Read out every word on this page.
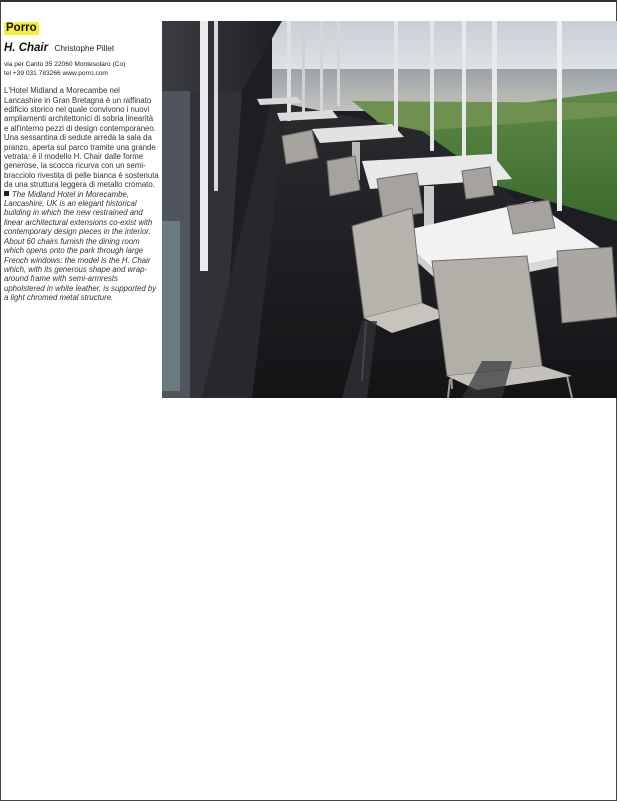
Porro
H. Chair Christophe Pillet
via per Cantù 35 22060 Montesolaro (Co)
tel +39 031 783266 www.porro.com
L'Hotel Midland a Morecambe nel Lancashire in Gran Bretagna è un raffinato edificio storico nel quale convivono i nuovi ampliamenti architettonici di sobria linearità e all'interno pezzi di design contemporaneo. Una sessantina di sedute arreda la sala da pranzo, aperta sul parco tramite una grande vetrata: è il modello H. Chair dalle forme generose, la scocca ricurva con un semi-bracciolo rivestita di pelle bianca è sostenuta da una struttura leggera di metallo cromato.
The Midland Hotel in Morecambe, Lancashire, UK is an elegant historical building in which the new restrained and linear architectural extensions co-exist with contemporary design pieces in the interior. About 60 chairs furnish the dining room which opens onto the park through large French windows: the model is the H. Chair which, with its generous shape and wrap-around frame with semi-armrests upholstered in white leather, is supported by a light chromed metal structure.
